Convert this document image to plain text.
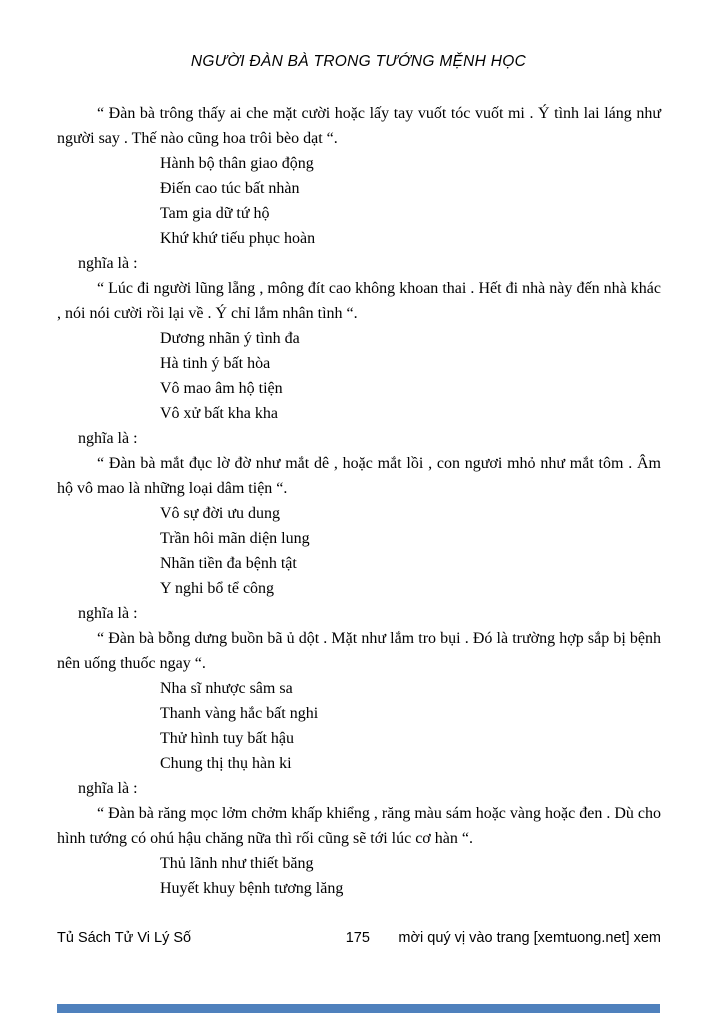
NGƯỜI ĐÀN BÀ TRONG TƯỚNG MỆNH HỌC
“ Đàn bà trông thấy ai che mặt cười hoặc lấy tay vuốt tóc vuốt mi . Ý tình lai láng như người say . Thế nào cũng hoa trôi bèo dạt “.
Hành bộ thân giao động
Điến cao túc bất nhàn
Tam gia dữ tứ hộ
Khứ khứ tiếu phục hoàn
nghĩa là :
“ Lúc đi người lũng lẵng , mông đít cao không khoan thai . Hết đi nhà này đến nhà khác , nói nói cười rồi lại về . Ý chỉ lắm nhân tình “.
Dương nhãn ý tình đa
Hà tinh ý bất hòa
Vô mao âm hộ tiện
Vô xử bất kha kha
nghĩa là :
“ Đàn bà mắt đục lờ đờ như mắt dê , hoặc mắt lồi , con ngươi mhỏ như mắt tôm . Âm hộ vô mao là những loại dâm tiện “.
Vô sự đời ưu dung
Trần hôi mãn diện lung
Nhãn tiền đa bệnh tật
Y nghi bổ tể công
nghĩa là :
“ Đàn bà bỗng dưng buồn bã ủ dột . Mặt như lắm tro bụi . Đó là trường hợp sắp bị bệnh nên uống thuốc ngay “.
Nha sĩ nhược sâm sa
Thanh vàng hắc bất nghi
Thử hình tuy bất hậu
Chung thị thụ hàn ki
nghĩa là :
“ Đàn bà răng mọc lởm chởm khấp khiểng , răng màu sám hoặc vàng hoặc đen . Dù cho hình tướng có ohú hậu chăng nữa thì rối cũng sẽ tới lúc cơ hàn “.
Thủ lãnh như thiết băng
Huyết khuy bệnh tương lăng
Tủ Sách Tử Vi Lý Số	175 mời quý vị vào trang [xemtuong.net] xem
